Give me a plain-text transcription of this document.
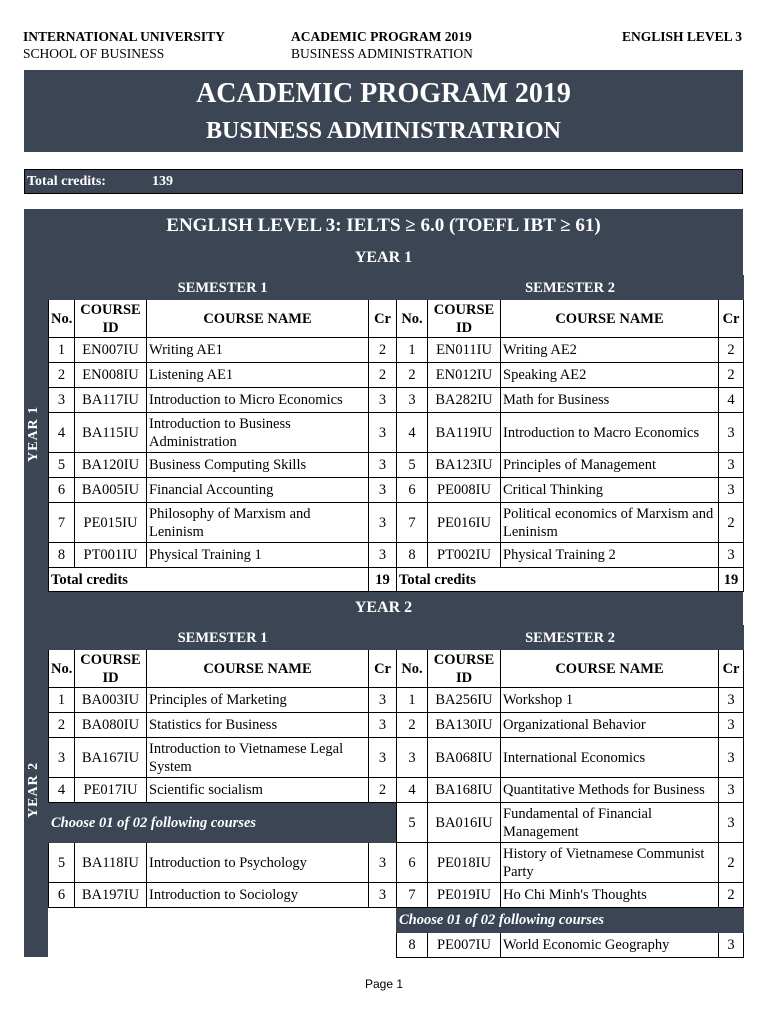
INTERNATIONAL UNIVERSITY
SCHOOL OF BUSINESS
ACADEMIC PROGRAM 2019
BUSINESS ADMINISTRATION
ENGLISH LEVEL 3
ACADEMIC PROGRAM 2019
BUSINESS ADMINISTRATRION
Total credits:	139
ENGLISH LEVEL 3: IELTS ≥ 6.0 (TOEFL IBT ≥ 61)
YEAR 1
YEAR 1
SEMESTER 1			
No.	COURSE ID	COURSE NAME	Cr
1	EN007IU	Writing AE1	2
2	EN008IU	Listening AE1	2
3	BA117IU	Introduction to Micro Economics	3
4	BA115IU	Introduction to Business Administration	3
5	BA120IU	Business Computing Skills	3
6	BA005IU	Financial Accounting	3
7	PE015IU	Philosophy of Marxism and Leninism	3
8	PT001IU	Physical Training 1	3
Total credits			19
SEMESTER 2			
No.	COURSE ID	COURSE NAME	Cr
1	EN011IU	Writing AE2	2
2	EN012IU	Speaking AE2	2
3	BA282IU	Math for Business	4
4	BA119IU	Introduction to Macro Economics	3
5	BA123IU	Principles of Management	3
6	PE008IU	Critical Thinking	3
7	PE016IU	Political economics of Marxism and Leninism	2
8	PT002IU	Physical Training 2	3
Total credits			19
YEAR 2
YEAR 2
SEMESTER 1			
No.	COURSE ID	COURSE NAME	Cr
1	BA003IU	Principles of Marketing	3
2	BA080IU	Statistics for Business	3
3	BA167IU	Introduction to Vietnamese Legal System	3
4	PE017IU	Scientific socialism	2
Choose 01 of 02 following courses			
5	BA118IU	Introduction to Psychology	3
6	BA197IU	Introduction to Sociology	3

SEMESTER 2			
No.	COURSE ID	COURSE NAME	Cr
1	BA256IU	Workshop 1	3
2	BA130IU	Organizational Behavior	3
3	BA068IU	International Economics	3
4	BA168IU	Quantitative Methods for Business	3
5	BA016IU	Fundamental of Financial Management	3
6	PE018IU	History of Vietnamese Communist Party	2
7	PE019IU	Ho Chi Minh's Thoughts	2
Choose 01 of 02 following courses			
8	PE007IU	World Economic Geography	3
Page 1
